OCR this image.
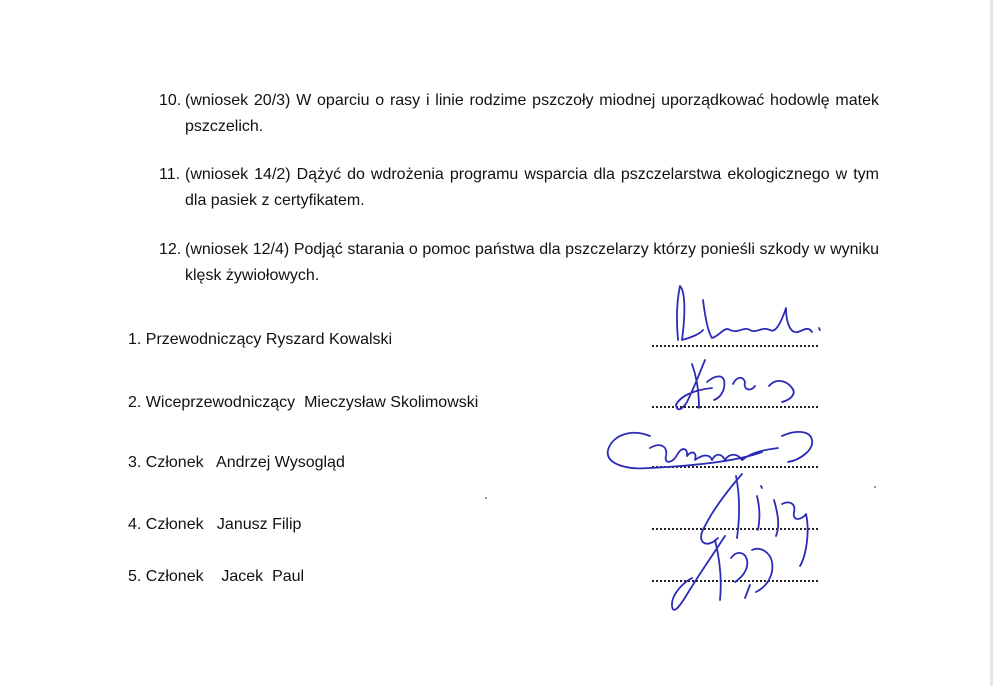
10. (wniosek 20/3) W oparciu o rasy i linie rodzime pszczoły miodnej uporządkować hodowlę matek pszczelich.
11. (wniosek 14/2) Dążyć do wdrożenia programu wsparcia dla pszczelarstwa ekologicznego w tym dla pasiek z certyfikatem.
12. (wniosek 12/4) Podjąć starania o pomoc państwa dla pszczelarzy którzy ponieśli szkody w wyniku klęsk żywiołowych.
1. Przewodniczący Ryszard Kowalski
2. Wiceprzewodniczący  Mieczysław Skolimowski
3. Członek   Andrzej Wysogląd
4. Członek   Janusz Filip
5. Członek    Jacek  Paul
